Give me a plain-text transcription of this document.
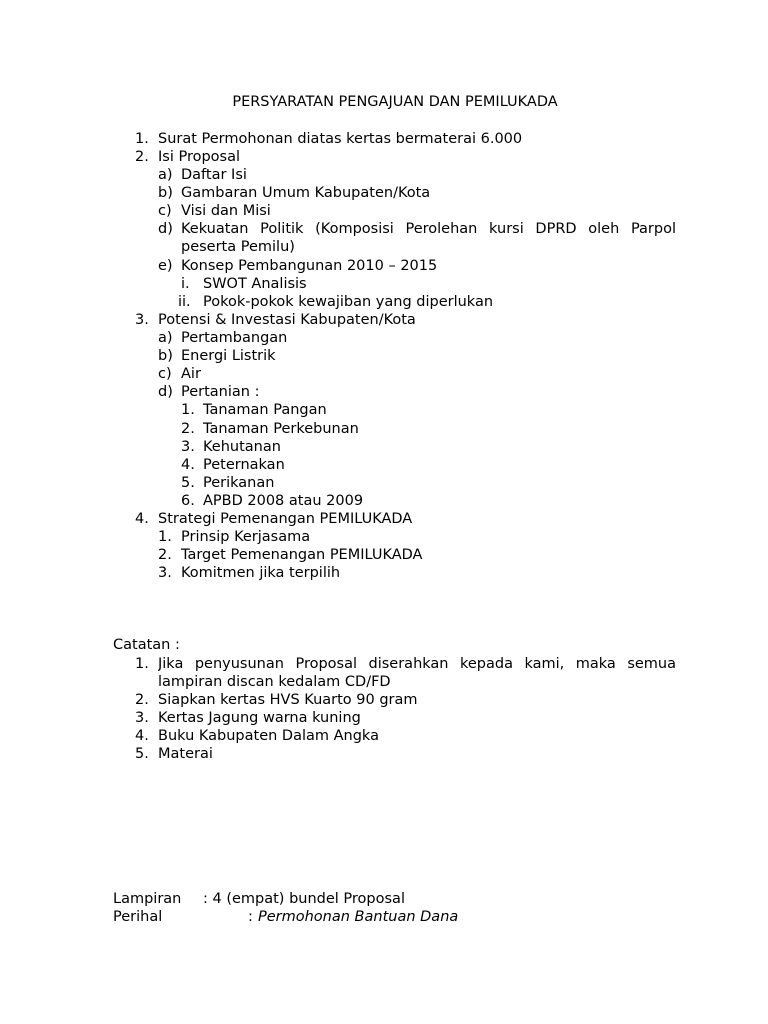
PERSYARATAN PENGAJUAN DAN PEMILUKADA
1. Surat Permohonan diatas kertas bermaterai 6.000
2. Isi Proposal
a) Daftar Isi
b) Gambaran Umum Kabupaten/Kota
c) Visi dan Misi
d) Kekuatan Politik (Komposisi Perolehan kursi DPRD oleh Parpol
peserta Pemilu)
e) Konsep Pembangunan 2010 – 2015
i. SWOT Analisis
ii. Pokok-pokok kewajiban yang diperlukan
3. Potensi & Investasi Kabupaten/Kota
a) Pertambangan
b) Energi Listrik
c) Air
d) Pertanian :
1. Tanaman Pangan
2. Tanaman Perkebunan
3. Kehutanan
4. Peternakan
5. Perikanan
6. APBD 2008 atau 2009
4. Strategi Pemenangan PEMILUKADA
1. Prinsip Kerjasama
2. Target Pemenangan PEMILUKADA
3. Komitmen jika terpilih
Catatan :
1. Jika penyusunan Proposal diserahkan kepada kami, maka semua
lampiran discan kedalam CD/FD
2. Siapkan kertas HVS Kuarto 90 gram
3. Kertas Jagung warna kuning
4. Buku Kabupaten Dalam Angka
5. Materai
Lampiran : 4 (empat) bundel Proposal
Perihal	: Permohonan Bantuan Dana
